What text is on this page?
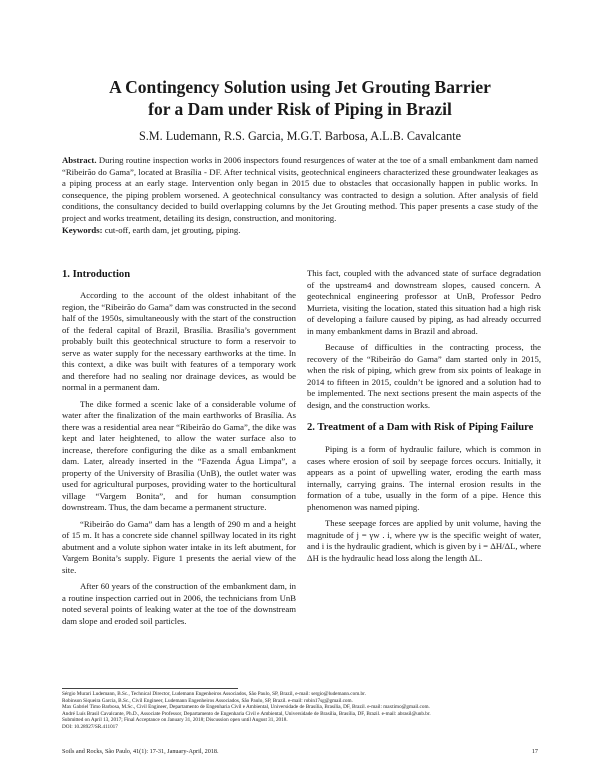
A Contingency Solution using Jet Grouting Barrier
for a Dam under Risk of Piping in Brazil
S.M. Ludemann, R.S. Garcia, M.G.T. Barbosa, A.L.B. Cavalcante

Abstract. During routine inspection works in 2006 inspectors found resurgences of water at the toe of a small embankment dam named “Ribeirão do Gama”, located at Brasília - DF. After technical visits, geotechnical engineers characterized these groundwater leakages as a piping process at an early stage. Intervention only began in 2015 due to obstacles that occasionally happen in public works. In consequence, the piping problem worsened. A geotechnical consultancy was contracted to design a solution. After analysis of field conditions, the consultancy decided to build overlapping columns by the Jet Grouting method. This paper presents a case study of the project and works treatment, detailing its design, construction, and monitoring.

Keywords: cut-off, earth dam, jet grouting, piping.

1. Introduction

According to the account of the oldest inhabitant of the region, the “Ribeirão do Gama” dam was constructed in the second half of the 1950s, simultaneously with the start of the construction of the federal capital of Brazil, Brasília. Brasília’s government probably built this geotechnical structure to form a reservoir to serve as water supply for the necessary earthworks at the time. In this context, a dike was built with features of a temporary work and therefore had no sealing nor drainage devices, as would be normal in a permanent dam.

The dike formed a scenic lake of a considerable volume of water after the finalization of the main earthworks of Brasília. As there was a residential area near “Ribeirão do Gama”, the dike was kept and later heightened, to allow the water surface also to increase, therefore configuring the dike as a small embankment dam. Later, already inserted in the “Fazenda Água Limpa”, a property of the University of Brasília (UnB), the outlet water was used for agricultural purposes, providing water to the horticultural village “Vargem Bonita”, and for human consumption downstream. Thus, the dam became a permanent structure.

“Ribeirão do Gama” dam has a length of 290 m and a height of 15 m. It has a concrete side channel spillway located in its right abutment and a volute siphon water intake in its left abutment, for Vargem Bonita’s supply. Figure 1 presents the aerial view of the site.

After 60 years of the construction of the embankment dam, in a routine inspection carried out in 2006, the technicians from UnB noted several points of leaking water at the toe of the downstream dam slope and eroded soil particles.

This fact, coupled with the advanced state of surface degradation of the upstream4 and downstream slopes, caused concern. A geotechnical engineering professor at UnB, Professor Pedro Murrieta, visiting the location, stated this situation had a high risk of developing a failure caused by piping, as had already occurred in many embankment dams in Brazil and abroad.

Because of difficulties in the contracting process, the recovery of the “Ribeirão do Gama” dam started only in 2015, when the risk of piping, which grew from six points of leakage in 2014 to fifteen in 2015, couldn’t be ignored and a solution had to be implemented. The next sections present the main aspects of the design, and the construction works.

2. Treatment of a Dam with Risk of Piping Failure

Piping is a form of hydraulic failure, which is common in cases where erosion of soil by seepage forces occurs. Initially, it appears as a point of upwelling water, eroding the earth mass internally, carrying grains. The internal erosion results in the formation of a tube, usually in the form of a pipe. Hence this phenomenon was named piping.

These seepage forces are applied by unit volume, having the magnitude of j = γw . i, where γw is the specific weight of water, and i is the hydraulic gradient, which is given by i = ΔH/ΔL, where ΔH is the hydraulic head loss along the length ΔL.

Sérgio Murari Ludemann, B.Sc., Technical Director, Ludemann Engenheiros Associados, São Paulo, SP, Brazil, e-mail: sergio@ludemann.com.br.
Robinson Siqueira Garcia, B.Sc., Civil Engineer, Ludemann Engenheiros Associados, São Paulo, SP, Brazil. e-mail: robin17sg@gmail.com.
Max Gabriel Timo Barbosa, M.Sc., Civil Engineer, Departamento de Engenharia Civil e Ambiental, Universidade de Brasília, Brasília, DF, Brazil. e-mail: maxtimo@gmail.com.
André Luís Brasil Cavalcante, Ph.D., Associate Professor, Departamento de Engenharia Civil e Ambiental, Universidade de Brasília, Brasília, DF, Brazil. e-mail: abrasil@unb.br.
Submitted on April 13, 2017; Final Acceptance on January 31, 2018; Discussion open until August 31, 2018.
DOI: 10.28927/SR.411017
Soils and Rocks, São Paulo, 41(1): 17-31, January-April, 2018.	17
